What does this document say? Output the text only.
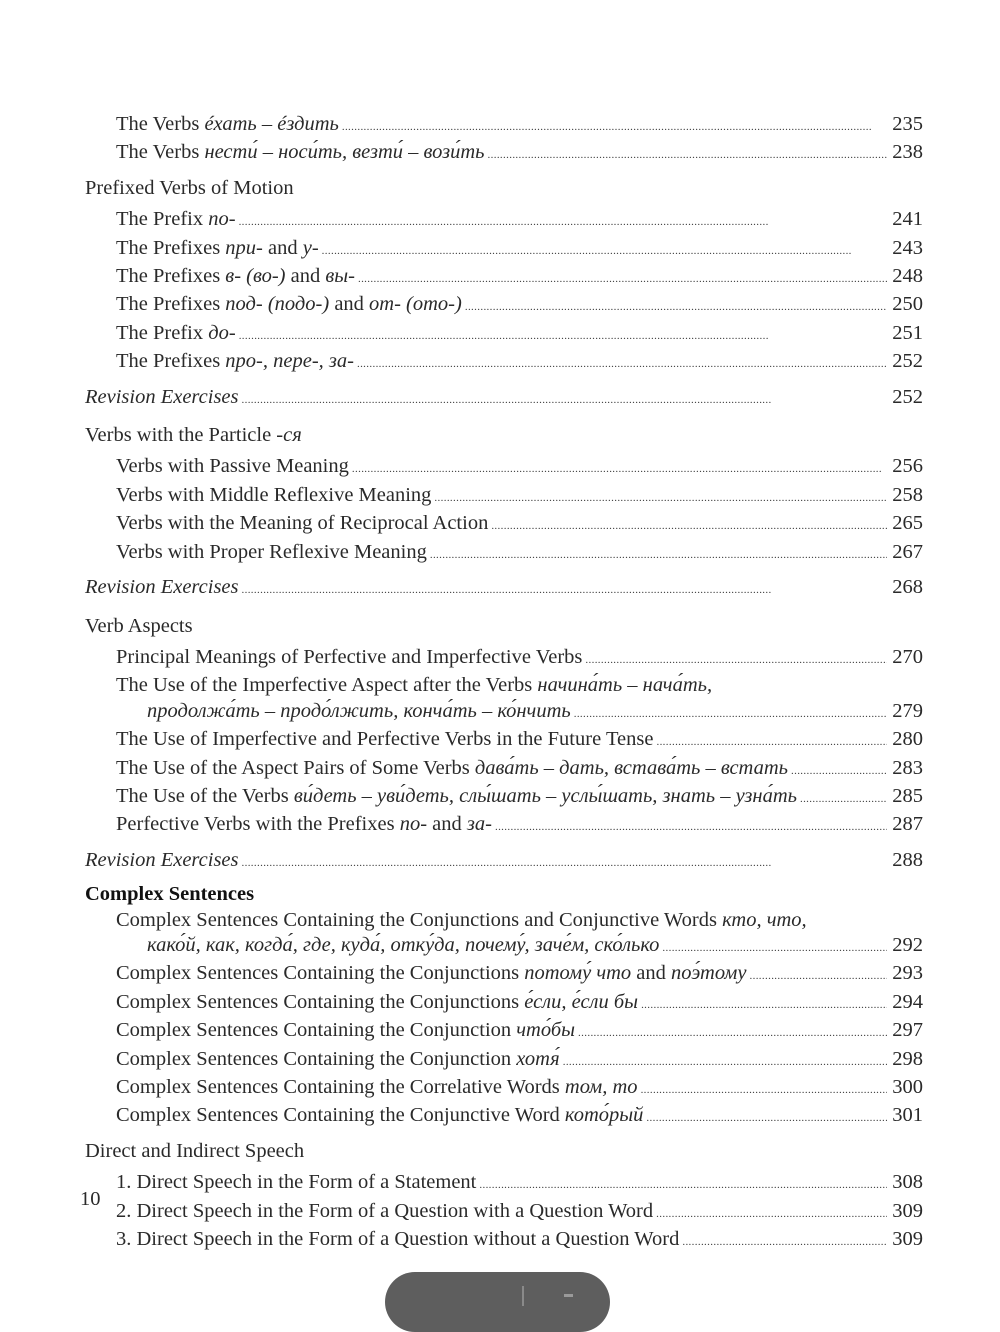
The Verbs éхать – éздить . . .	235
The Verbs нести́ – носи́ть, везти́ – вози́ть . . .	238
Prefixed Verbs of Motion
The Prefix по- . . .	241
The Prefixes при- and у- . . .	243
The Prefixes в- (во-) and вы- . . .	248
The Prefixes под- (подо-) and от- (ото-) . . .	250
The Prefix до- . . .	251
The Prefixes про-, пере-, за- . . .	252
Revision Exercises . . .	252
Verbs with the Particle -ся
Verbs with Passive Meaning . . .	256
Verbs with Middle Reflexive Meaning . . .	258
Verbs with the Meaning of Reciprocal Action . . .	265
Verbs with Proper Reflexive Meaning . . .	267
Revision Exercises . . .	268
Verb Aspects
Principal Meanings of Perfective and Imperfective Verbs . . .	270
The Use of the Imperfective Aspect after the Verbs начина́ть – нача́ть,
продолжа́ть – продо́лжить, конча́ть – ко́нчить . . .	279
The Use of Imperfective and Perfective Verbs in the Future Tense . . .	280
The Use of the Aspect Pairs of Some Verbs дава́ть – дать, встава́ть – встать . . .	283
The Use of the Verbs ви́деть – уви́деть, слы́шать – услы́шать, знать – узна́ть . . .	285
Perfective Verbs with the Prefixes по- and за- . . .	287
Revision Exercises . . .	288
Complex Sentences
Complex Sentences Containing the Conjunctions and Conjunctive Words кто, что,
како́й, как, когда́, где, куда́, отку́да, почему́, заче́м, ско́лько . . .	292
Complex Sentences Containing the Conjunctions потому́ что and поэ́тому . . .	293
Complex Sentences Containing the Conjunctions е́сли, е́сли бы . . .	294
Complex Sentences Containing the Conjunction что́бы . . .	297
Complex Sentences Containing the Conjunction хотя́ . . .	298
Complex Sentences Containing the Correlative Words том, то . . .	300
Complex Sentences Containing the Conjunctive Word кото́рый . . .	301
Direct and Indirect Speech
1. Direct Speech in the Form of a Statement . . .	308
2. Direct Speech in the Form of a Question with a Question Word . . .	309
3. Direct Speech in the Form of a Question without a Question Word . . .	309
10
